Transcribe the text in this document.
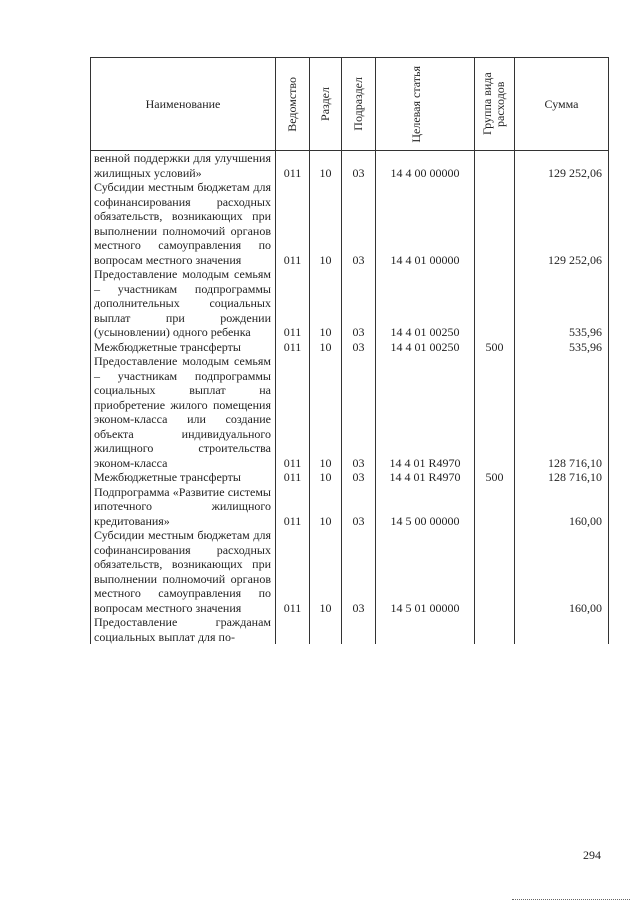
Наименование	Ведомство	Раздел	Подраздел	Целевая статья	Группа вида расходов	Сумма
венной поддержки для улучшения жилищных условий»	011	10	03	14 4 00 00000		129 252,06
Субсидии местным бюджетам для софинансирования расходных обязательств, возникающих при выполнении полномочий органов местного самоуправления по вопросам местного значения	011	10	03	14 4 01 00000		129 252,06
Предоставление молодым семьям – участникам подпрограммы дополнительных социальных выплат при рождении (усыновлении) одного ребенка	011	10	03	14 4 01 00250		535,96
Межбюджетные трансферты	011	10	03	14 4 01 00250	500	535,96
Предоставление молодым семьям – участникам подпрограммы социальных выплат на приобретение жилого помещения эконом-класса или создание объекта индивидуального жилищного строительства эконом-класса	011	10	03	14 4 01 R4970		128 716,10
Межбюджетные трансферты	011	10	03	14 4 01 R4970	500	128 716,10
Подпрограмма «Развитие системы ипотечного жилищного кредитования»	011	10	03	14 5 00 00000		160,00
Субсидии местным бюджетам для софинансирования расходных обязательств, возникающих при выполнении полномочий органов местного самоуправления по вопросам местного значения	011	10	03	14 5 01 00000		160,00
Предоставление гражданам социальных выплат для по-						
294
